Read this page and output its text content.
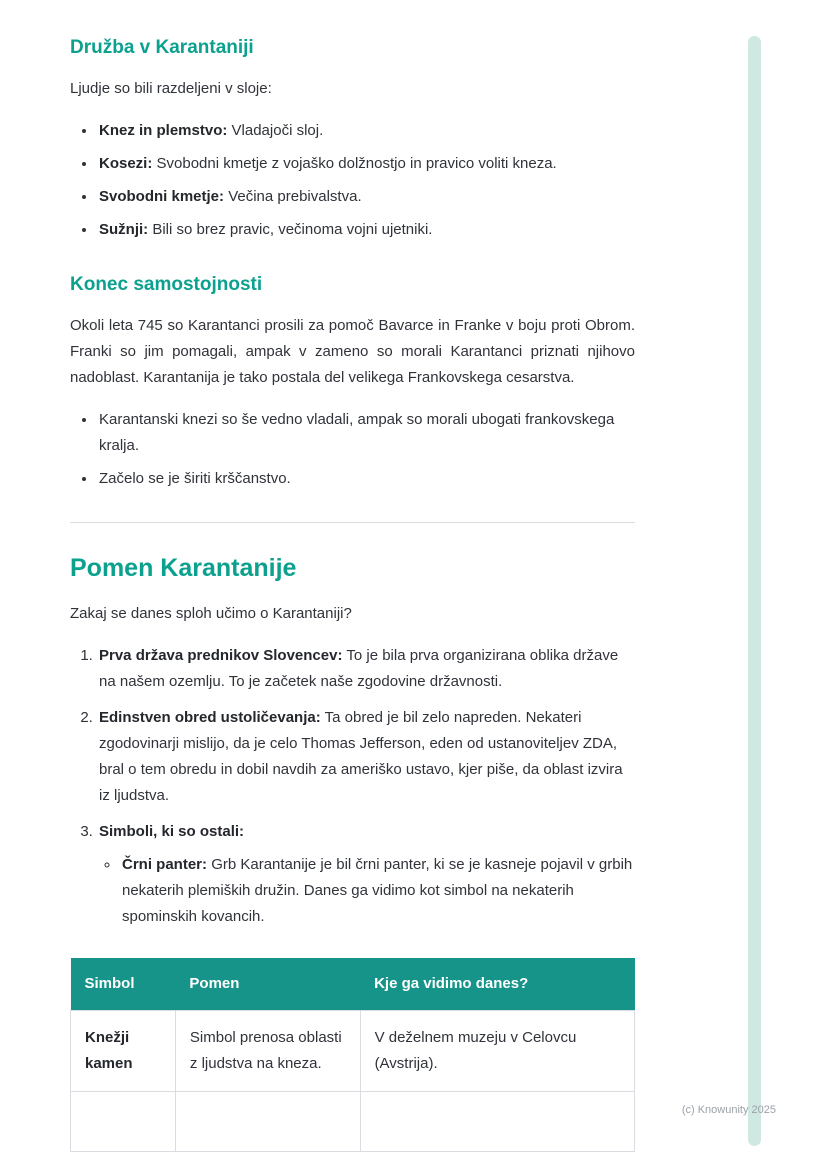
Družba v Karantaniji

Ljudje so bili razdeljeni v sloje:

• Knez in plemstvo: Vladajoči sloj.
• Kosezi: Svobodni kmetje z vojaško dolžnostjo in pravico voliti kneza.
• Svobodni kmetje: Večina prebivalstva.
• Sužnji: Bili so brez pravic, večinoma vojni ujetniki.
Konec samostojnosti

Okoli leta 745 so Karantanci prosili za pomoč Bavarce in Franke v boju proti Obrom. Franki so jim pomagali, ampak v zameno so morali Karantanci priznati njihovo nadoblast. Karantanija je tako postala del velikega Frankovskega cesarstva.

• Karantanski knezi so še vedno vladali, ampak so morali ubogati frankovskega kralja.
• Začelo se je širiti krščanstvo.
Pomen Karantanije

Zakaj se danes sploh učimo o Karantaniji?

1. Prva država prednikov Slovencev: To je bila prva organizirana oblika države na našem ozemlju. To je začetek naše zgodovine državnosti.
2. Edinstven obred ustoličevanja: Ta obred je bil zelo napreden. Nekateri zgodovinarji mislijo, da je celo Thomas Jefferson, eden od ustanoviteljev ZDA, bral o tem obredu in dobil navdih za ameriško ustavo, kjer piše, da oblast izvira iz ljudstva.
3. Simboli, ki so ostali:
◦ Črni panter: Grb Karantanije je bil črni panter, ki se je kasneje pojavil v grbih nekaterih plemiških družin. Danes ga vidimo kot simbol na nekaterih spominskih kovancih.
Simbol	Pomen	Kje ga vidimo danes?
Knežji kamen	Simbol prenosa oblasti z ljudstva na kneza.	V deželnem muzeju v Celovcu (Avstrija).

(c) Knowunity 2025
